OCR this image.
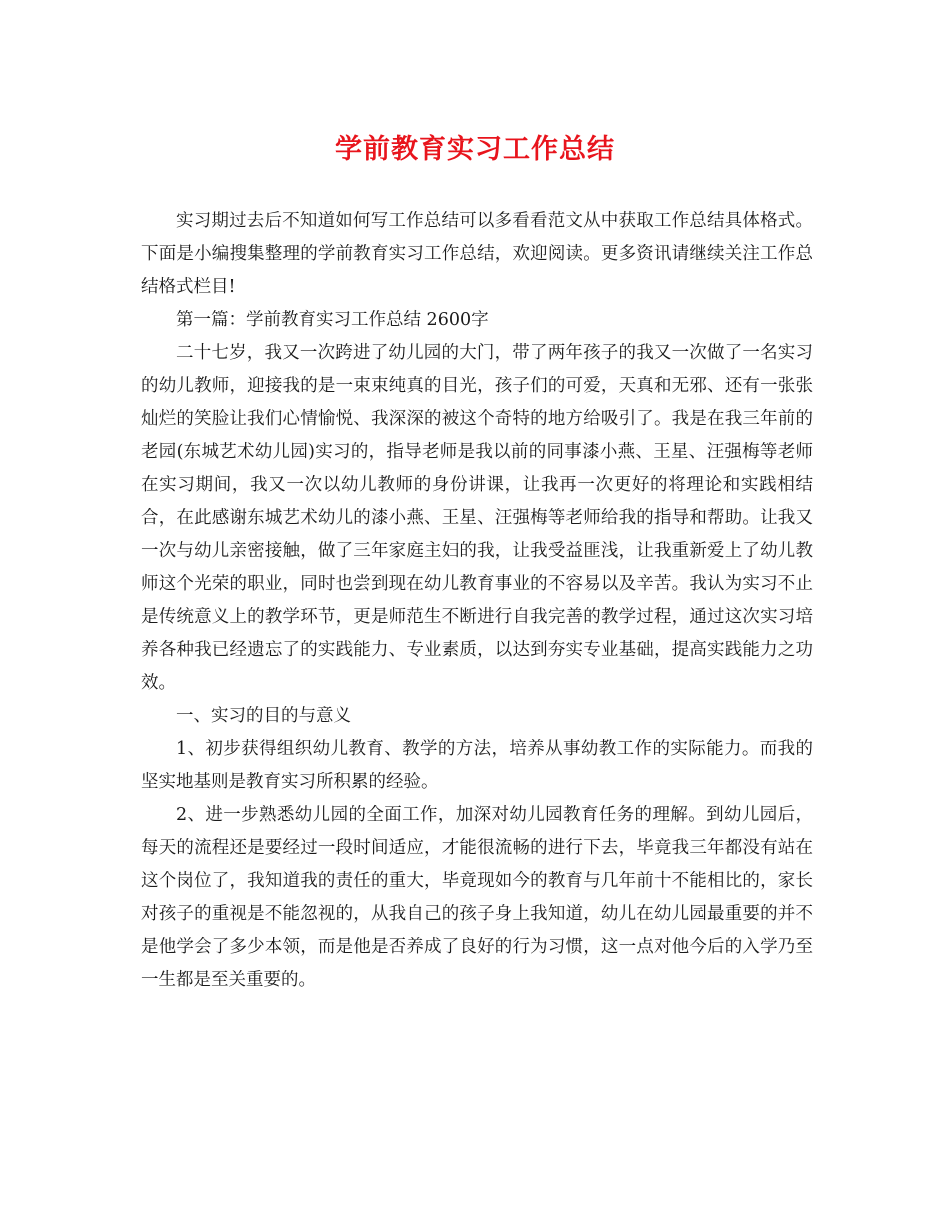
学前教育实习工作总结

实习期过去后不知道如何写工作总结可以多看看范文从中获取工作总结具体格式。下面是小编搜集整理的学前教育实习工作总结，欢迎阅读。更多资讯请继续关注工作总结格式栏目!

第一篇：学前教育实习工作总结 2600字

二十七岁，我又一次跨进了幼儿园的大门，带了两年孩子的我又一次做了一名实习的幼儿教师，迎接我的是一束束纯真的目光，孩子们的可爱，天真和无邪、还有一张张灿烂的笑脸让我们心情愉悦、我深深的被这个奇特的地方给吸引了。我是在我三年前的老园(东城艺术幼儿园)实习的，指导老师是我以前的同事漆小燕、王星、汪强梅等老师在实习期间，我又一次以幼儿教师的身份讲课，让我再一次更好的将理论和实践相结合，在此感谢东城艺术幼儿的漆小燕、王星、汪强梅等老师给我的指导和帮助。让我又一次与幼儿亲密接触，做了三年家庭主妇的我，让我受益匪浅，让我重新爱上了幼儿教师这个光荣的职业，同时也尝到现在幼儿教育事业的不容易以及辛苦。我认为实习不止是传统意义上的教学环节，更是师范生不断进行自我完善的教学过程，通过这次实习培养各种我已经遗忘了的实践能力、专业素质，以达到夯实专业基础，提高实践能力之功效。

一、实习的目的与意义

1、初步获得组织幼儿教育、教学的方法，培养从事幼教工作的实际能力。而我的坚实地基则是教育实习所积累的经验。

2、进一步熟悉幼儿园的全面工作，加深对幼儿园教育任务的理解。到幼儿园后，每天的流程还是要经过一段时间适应，才能很流畅的进行下去，毕竟我三年都没有站在这个岗位了，我知道我的责任的重大，毕竟现如今的教育与几年前十不能相比的，家长对孩子的重视是不能忽视的，从我自己的孩子身上我知道，幼儿在幼儿园最重要的并不是他学会了多少本领，而是他是否养成了良好的行为习惯，这一点对他今后的入学乃至一生都是至关重要的。
